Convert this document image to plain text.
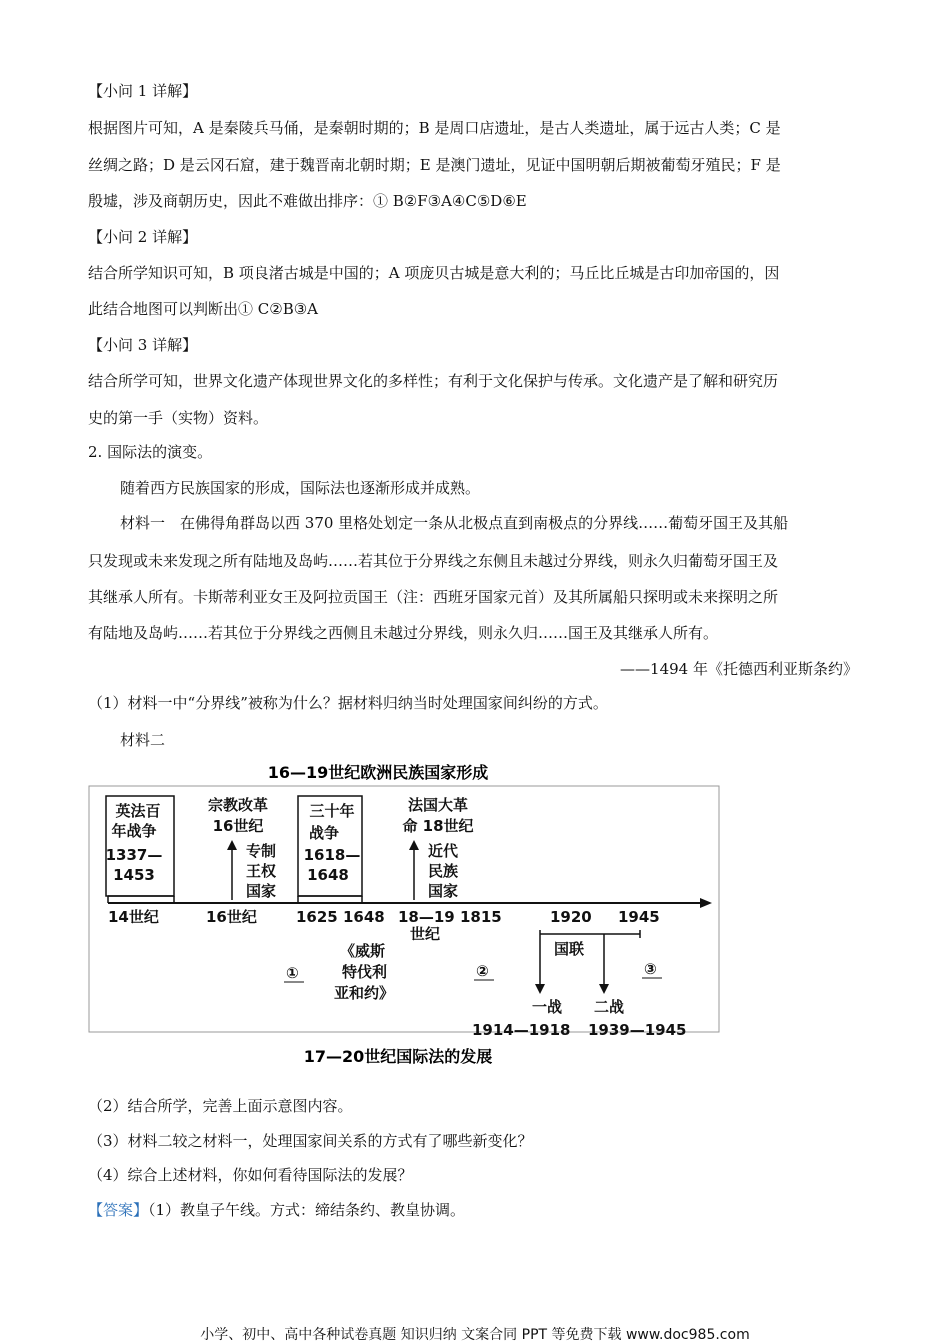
【小问 1 详解】
根据图片可知，A 是秦陵兵马俑，是秦朝时期的；B 是周口店遗址，是古人类遗址，属于远古人类；C 是
丝绸之路；D 是云冈石窟，建于魏晋南北朝时期；E 是澳门遗址，见证中国明朝后期被葡萄牙殖民；F 是
殷墟，涉及商朝历史，因此不难做出排序：① B②F③A④C⑤D⑥E
【小问 2 详解】
结合所学知识可知，B 项良渚古城是中国的；A 项庞贝古城是意大利的；马丘比丘城是古印加帝国的，因
此结合地图可以判断出① C②B③A
【小问 3 详解】
结合所学可知，世界文化遗产体现世界文化的多样性；有利于文化保护与传承。文化遗产是了解和研究历
史的第一手（实物）资料。
2. 国际法的演变。
随着西方民族国家的形成，国际法也逐渐形成并成熟。
材料一　在佛得角群岛以西 370 里格处划定一条从北极点直到南极点的分界线……葡萄牙国王及其船
只发现或未来发现之所有陆地及岛屿……若其位于分界线之东侧且未越过分界线，则永久归葡萄牙国王及
其继承人所有。卡斯蒂利亚女王及阿拉贡国王（注：西班牙国家元首）及其所属船只探明或未来探明之所
有陆地及岛屿……若其位于分界线之西侧且未越过分界线，则永久归……国王及其继承人所有。
——1494 年《托德西利亚斯条约》
（1）材料一中“分界线”被称为什么？据材料归纳当时处理国家间纠纷的方式。
材料二
16—19世纪欧洲民族国家形成
英法百
年战争
1337—
1453
宗教改革
16世纪
专制
王权
国家
三十年
战争
1618—
1648
法国大革
命 18世纪
近代
民族
国家
14世纪	16世纪	1625 1648 18—19 1815
世纪
1920 1945
国联
《威斯
特伐利
亚和约》
①	②	③
一战
1914—1918
二战
1939—1945
17—20世纪国际法的发展
（2）结合所学，完善上面示意图内容。
（3）材料二较之材料一，处理国家间关系的方式有了哪些新变化？
（4）综合上述材料，你如何看待国际法的发展？
【答案】（1）教皇子午线。方式：缔结条约、教皇协调。
小学、初中、高中各种试卷真题 知识归纳 文案合同 PPT 等免费下载 www.doc985.com
